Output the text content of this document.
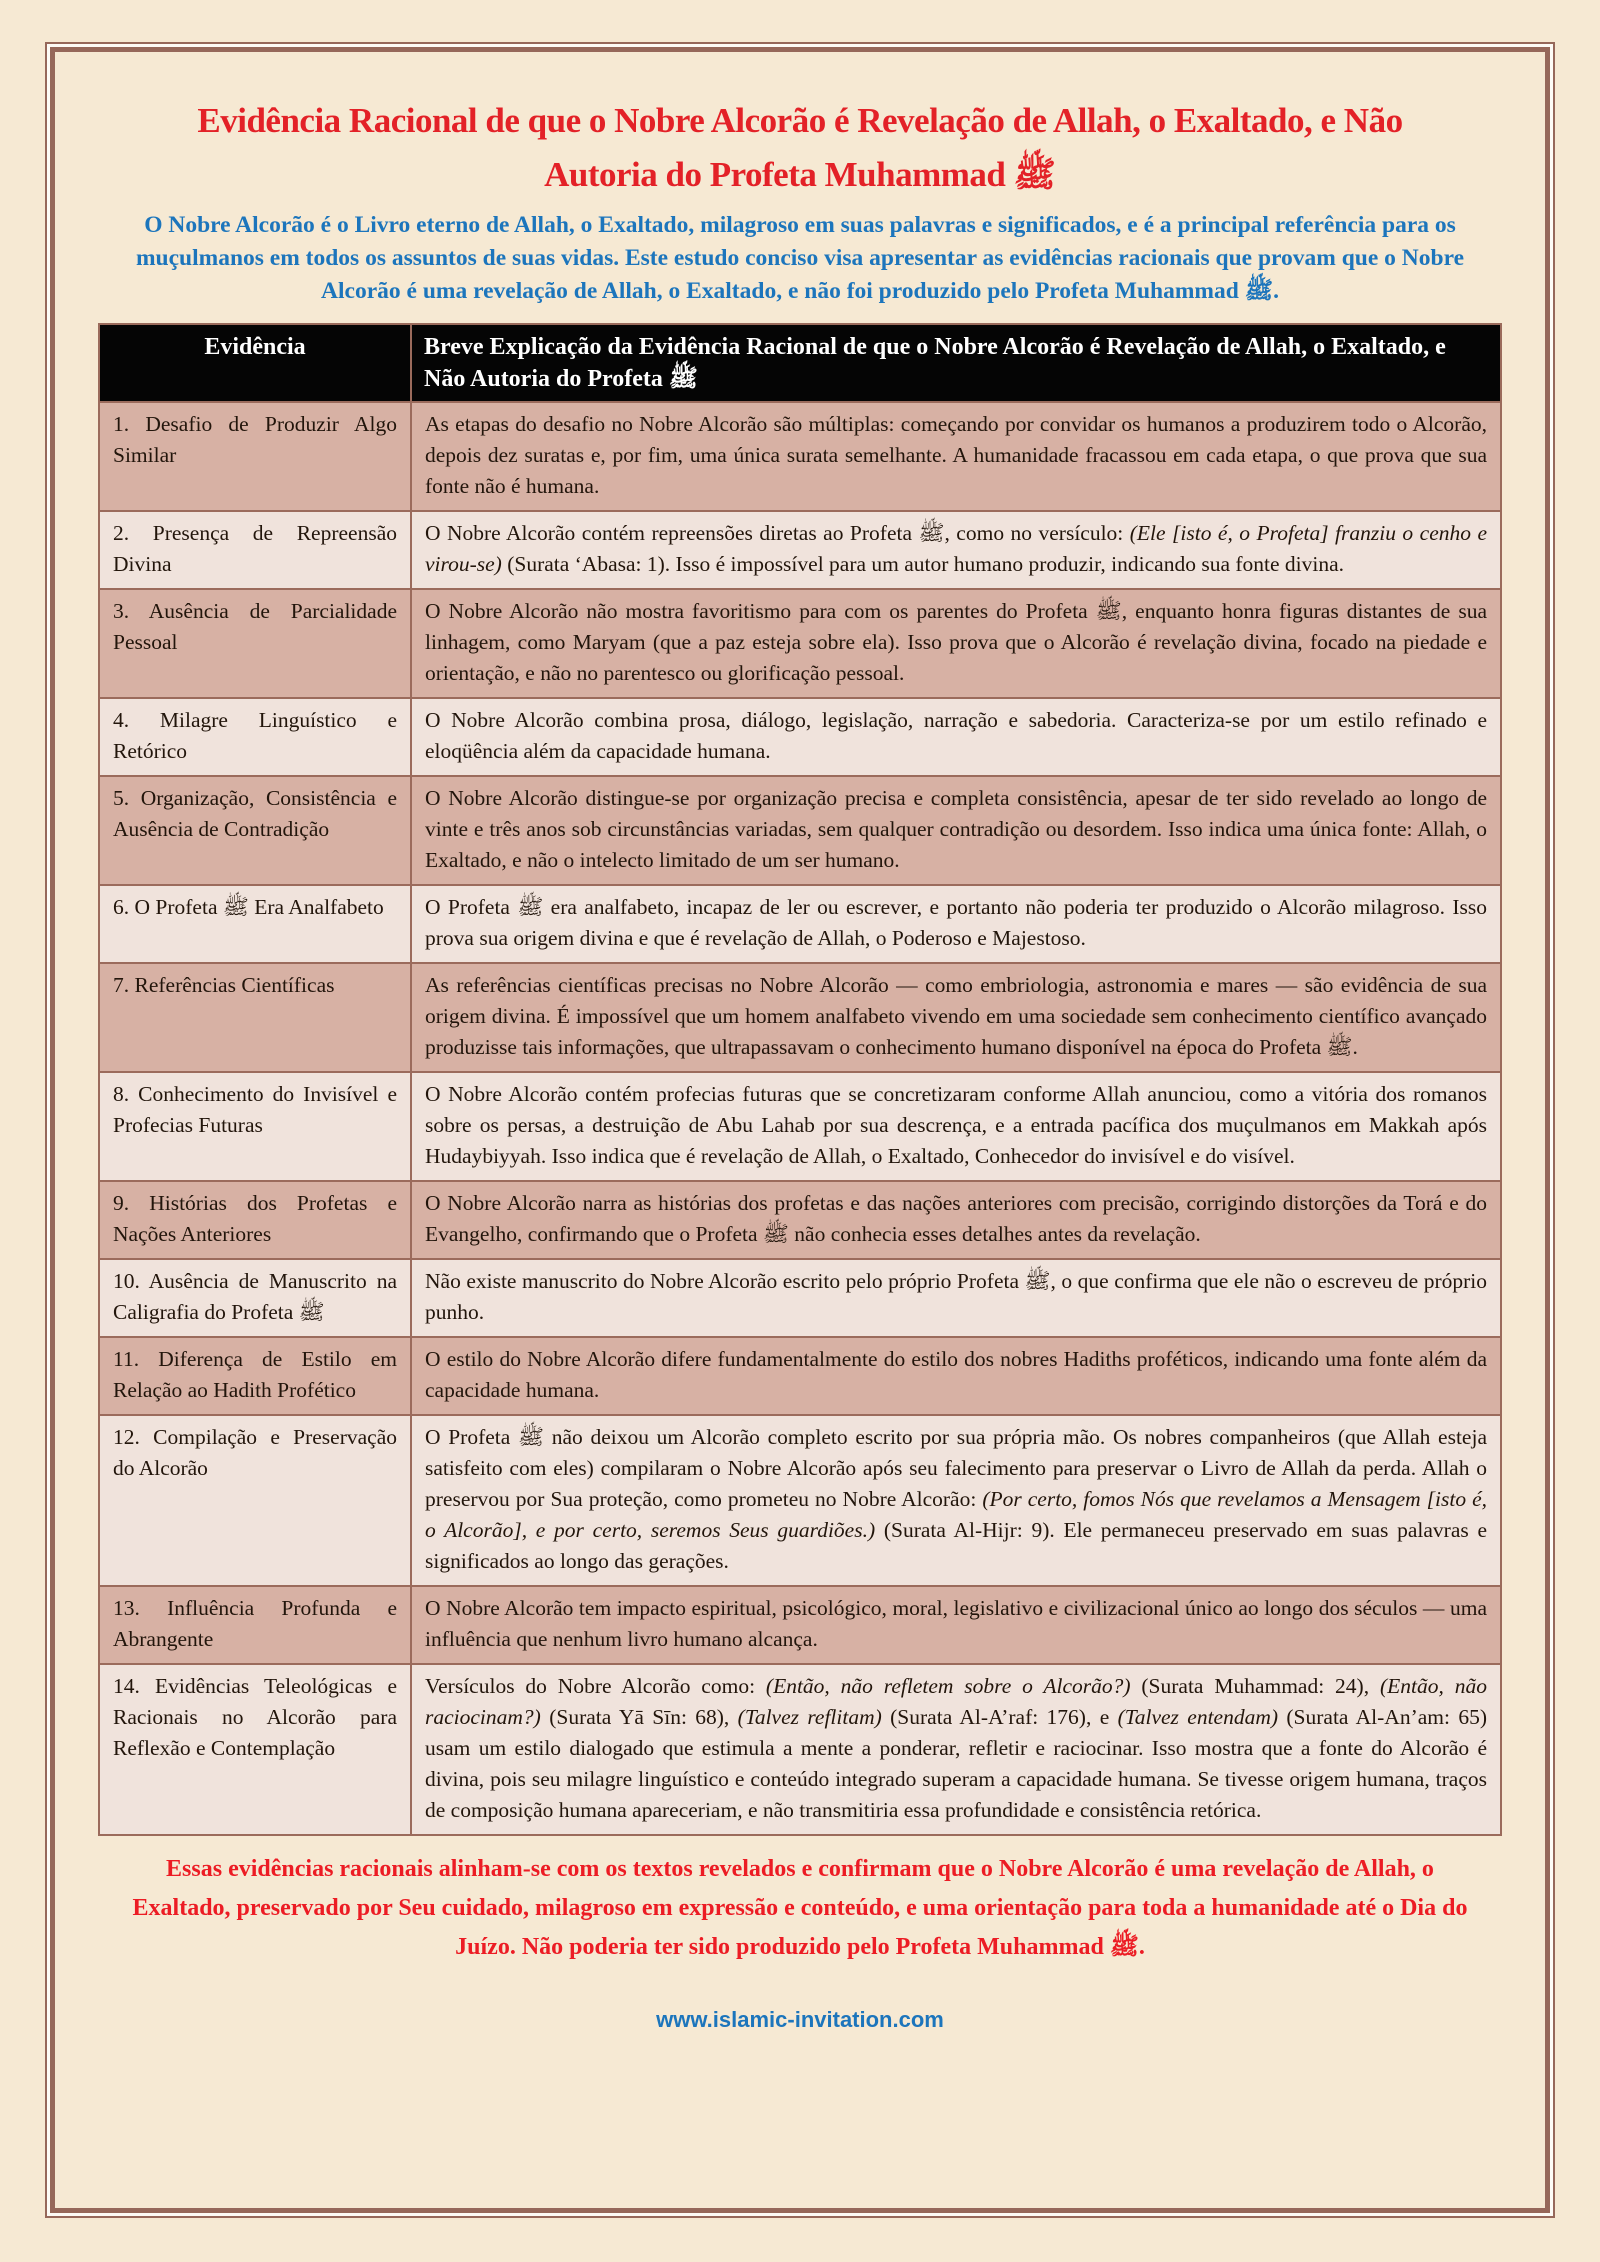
Evidência Racional de que o Nobre Alcorão é Revelação de Allah, o Exaltado, e Não
Autoria do Profeta Muhammad ﷺ

O Nobre Alcorão é o Livro eterno de Allah, o Exaltado, milagroso em suas palavras e significados, e é a principal referência para os muçulmanos em todos os assuntos de suas vidas. Este estudo conciso visa apresentar as evidências racionais que provam que o Nobre Alcorão é uma revelação de Allah, o Exaltado, e não foi produzido pelo Profeta Muhammad ﷺ.

Evidência	Breve Explicação da Evidência Racional de que o Nobre Alcorão é Revelação de Allah, o Exaltado, e Não Autoria do Profeta ﷺ
1. Desafio de Produzir Algo Similar	As etapas do desafio no Nobre Alcorão são múltiplas: começando por convidar os humanos a produzirem todo o Alcorão, depois dez suratas e, por fim, uma única surata semelhante. A humanidade fracassou em cada etapa, o que prova que sua fonte não é humana.
2. Presença de Repreensão Divina	O Nobre Alcorão contém repreensões diretas ao Profeta ﷺ, como no versículo: (Ele [isto é, o Profeta] franziu o cenho e virou-se) (Surata ‘Abasa: 1). Isso é impossível para um autor humano produzir, indicando sua fonte divina.
3. Ausência de Parcialidade Pessoal	O Nobre Alcorão não mostra favoritismo para com os parentes do Profeta ﷺ, enquanto honra figuras distantes de sua linhagem, como Maryam (que a paz esteja sobre ela). Isso prova que o Alcorão é revelação divina, focado na piedade e orientação, e não no parentesco ou glorificação pessoal.
4. Milagre Linguístico e Retórico	O Nobre Alcorão combina prosa, diálogo, legislação, narração e sabedoria. Caracteriza-se por um estilo refinado e eloqüência além da capacidade humana.
5. Organização, Consistência e Ausência de Contradição	O Nobre Alcorão distingue-se por organização precisa e completa consistência, apesar de ter sido revelado ao longo de vinte e três anos sob circunstâncias variadas, sem qualquer contradição ou desordem. Isso indica uma única fonte: Allah, o Exaltado, e não o intelecto limitado de um ser humano.
6. O Profeta ﷺ Era Analfabeto	O Profeta ﷺ era analfabeto, incapaz de ler ou escrever, e portanto não poderia ter produzido o Alcorão milagroso. Isso prova sua origem divina e que é revelação de Allah, o Poderoso e Majestoso.
7. Referências Científicas	As referências científicas precisas no Nobre Alcorão — como embriologia, astronomia e mares — são evidência de sua origem divina. É impossível que um homem analfabeto vivendo em uma sociedade sem conhecimento científico avançado produzisse tais informações, que ultrapassavam o conhecimento humano disponível na época do Profeta ﷺ.
8. Conhecimento do Invisível e Profecias Futuras	O Nobre Alcorão contém profecias futuras que se concretizaram conforme Allah anunciou, como a vitória dos romanos sobre os persas, a destruição de Abu Lahab por sua descrença, e a entrada pacífica dos muçulmanos em Makkah após Hudaybiyyah. Isso indica que é revelação de Allah, o Exaltado, Conhecedor do invisível e do visível.
9. Histórias dos Profetas e Nações Anteriores	O Nobre Alcorão narra as histórias dos profetas e das nações anteriores com precisão, corrigindo distorções da Torá e do Evangelho, confirmando que o Profeta ﷺ não conhecia esses detalhes antes da revelação.
10. Ausência de Manuscrito na Caligrafia do Profeta ﷺ	Não existe manuscrito do Nobre Alcorão escrito pelo próprio Profeta ﷺ, o que confirma que ele não o escreveu de próprio punho.
11. Diferença de Estilo em Relação ao Hadith Profético	O estilo do Nobre Alcorão difere fundamentalmente do estilo dos nobres Hadiths proféticos, indicando uma fonte além da capacidade humana.
12. Compilação e Preservação do Alcorão	O Profeta ﷺ não deixou um Alcorão completo escrito por sua própria mão. Os nobres companheiros (que Allah esteja satisfeito com eles) compilaram o Nobre Alcorão após seu falecimento para preservar o Livro de Allah da perda. Allah o preservou por Sua proteção, como prometeu no Nobre Alcorão: (Por certo, fomos Nós que revelamos a Mensagem [isto é, o Alcorão], e por certo, seremos Seus guardiões.) (Surata Al-Hijr: 9). Ele permaneceu preservado em suas palavras e significados ao longo das gerações.
13. Influência Profunda e Abrangente	O Nobre Alcorão tem impacto espiritual, psicológico, moral, legislativo e civilizacional único ao longo dos séculos — uma influência que nenhum livro humano alcança.
14. Evidências Teleológicas e Racionais no Alcorão para Reflexão e Contemplação	Versículos do Nobre Alcorão como: (Então, não refletem sobre o Alcorão?) (Surata Muhammad: 24), (Então, não raciocinam?) (Surata Yā Sīn: 68), (Talvez reflitam) (Surata Al-A’raf: 176), e (Talvez entendam) (Surata Al-An’am: 65) usam um estilo dialogado que estimula a mente a ponderar, refletir e raciocinar. Isso mostra que a fonte do Alcorão é divina, pois seu milagre linguístico e conteúdo integrado superam a capacidade humana. Se tivesse origem humana, traços de composição humana apareceriam, e não transmitiria essa profundidade e consistência retórica.

Essas evidências racionais alinham-se com os textos revelados e confirmam que o Nobre Alcorão é uma revelação de Allah, o Exaltado, preservado por Seu cuidado, milagroso em expressão e conteúdo, e uma orientação para toda a humanidade até o Dia do Juízo. Não poderia ter sido produzido pelo Profeta Muhammad ﷺ.

www.islamic-invitation.com
